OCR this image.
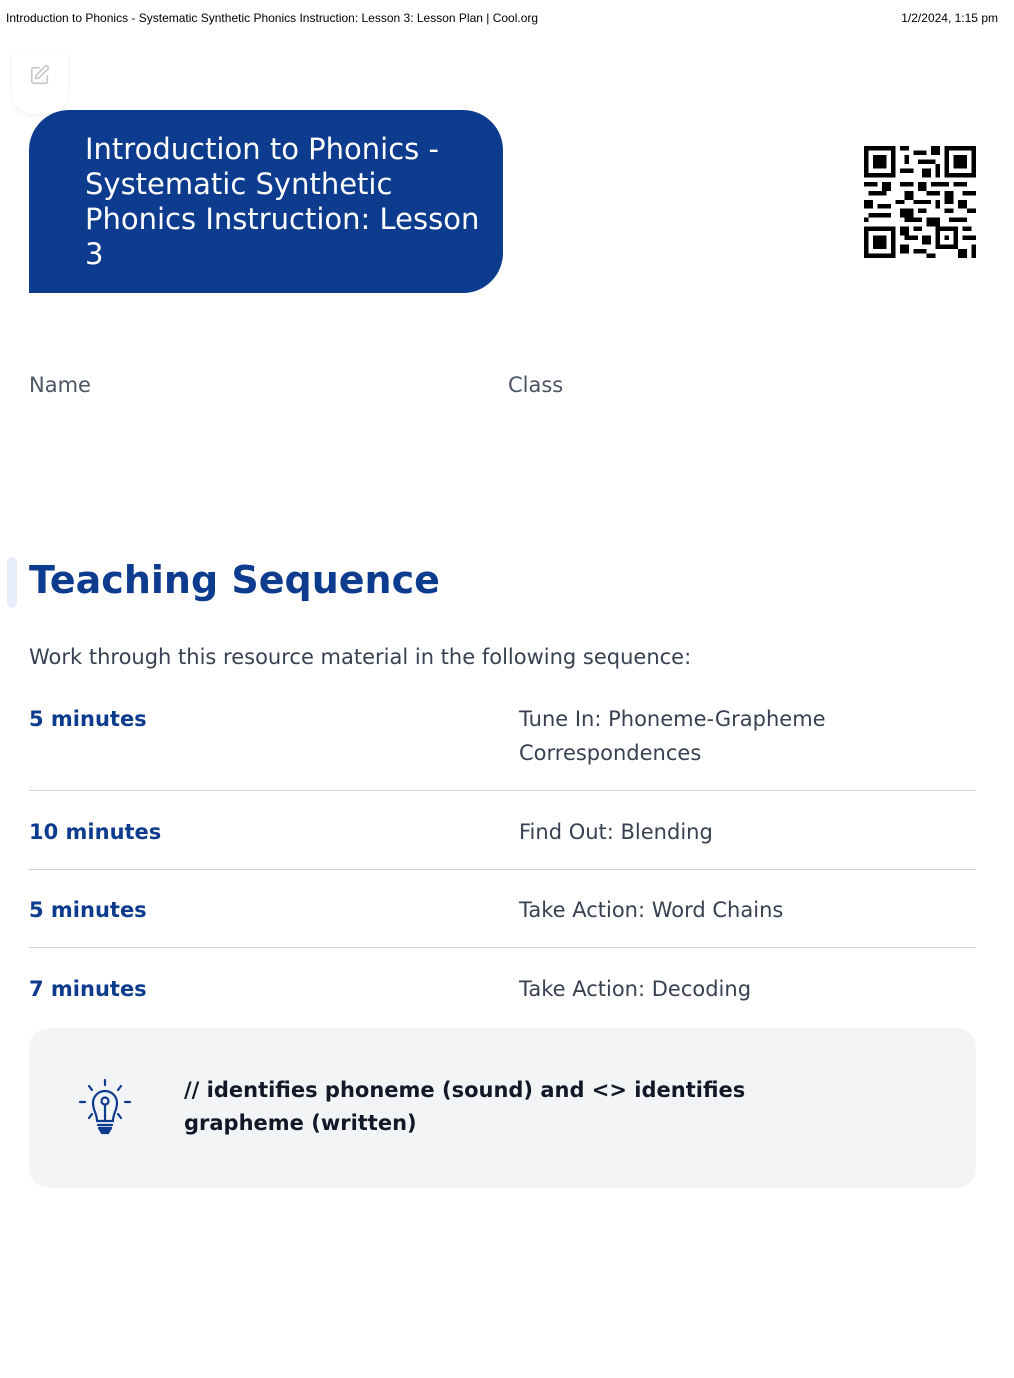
Introduction to Phonics - Systematic Synthetic Phonics Instruction: Lesson 3: Lesson Plan | Cool.org	1/2/2024, 1:15 pm
Introduction to Phonics - Systematic Synthetic Phonics Instruction: Lesson 3
Name	Class
Teaching Sequence

Work through this resource material in the following sequence:

5 minutes	Tune In: Phoneme-Grapheme Correspondences
10 minutes	Find Out: Blending
5 minutes	Take Action: Word Chains
7 minutes	Take Action: Decoding

// identifies phoneme (sound) and <> identifies grapheme (written)
